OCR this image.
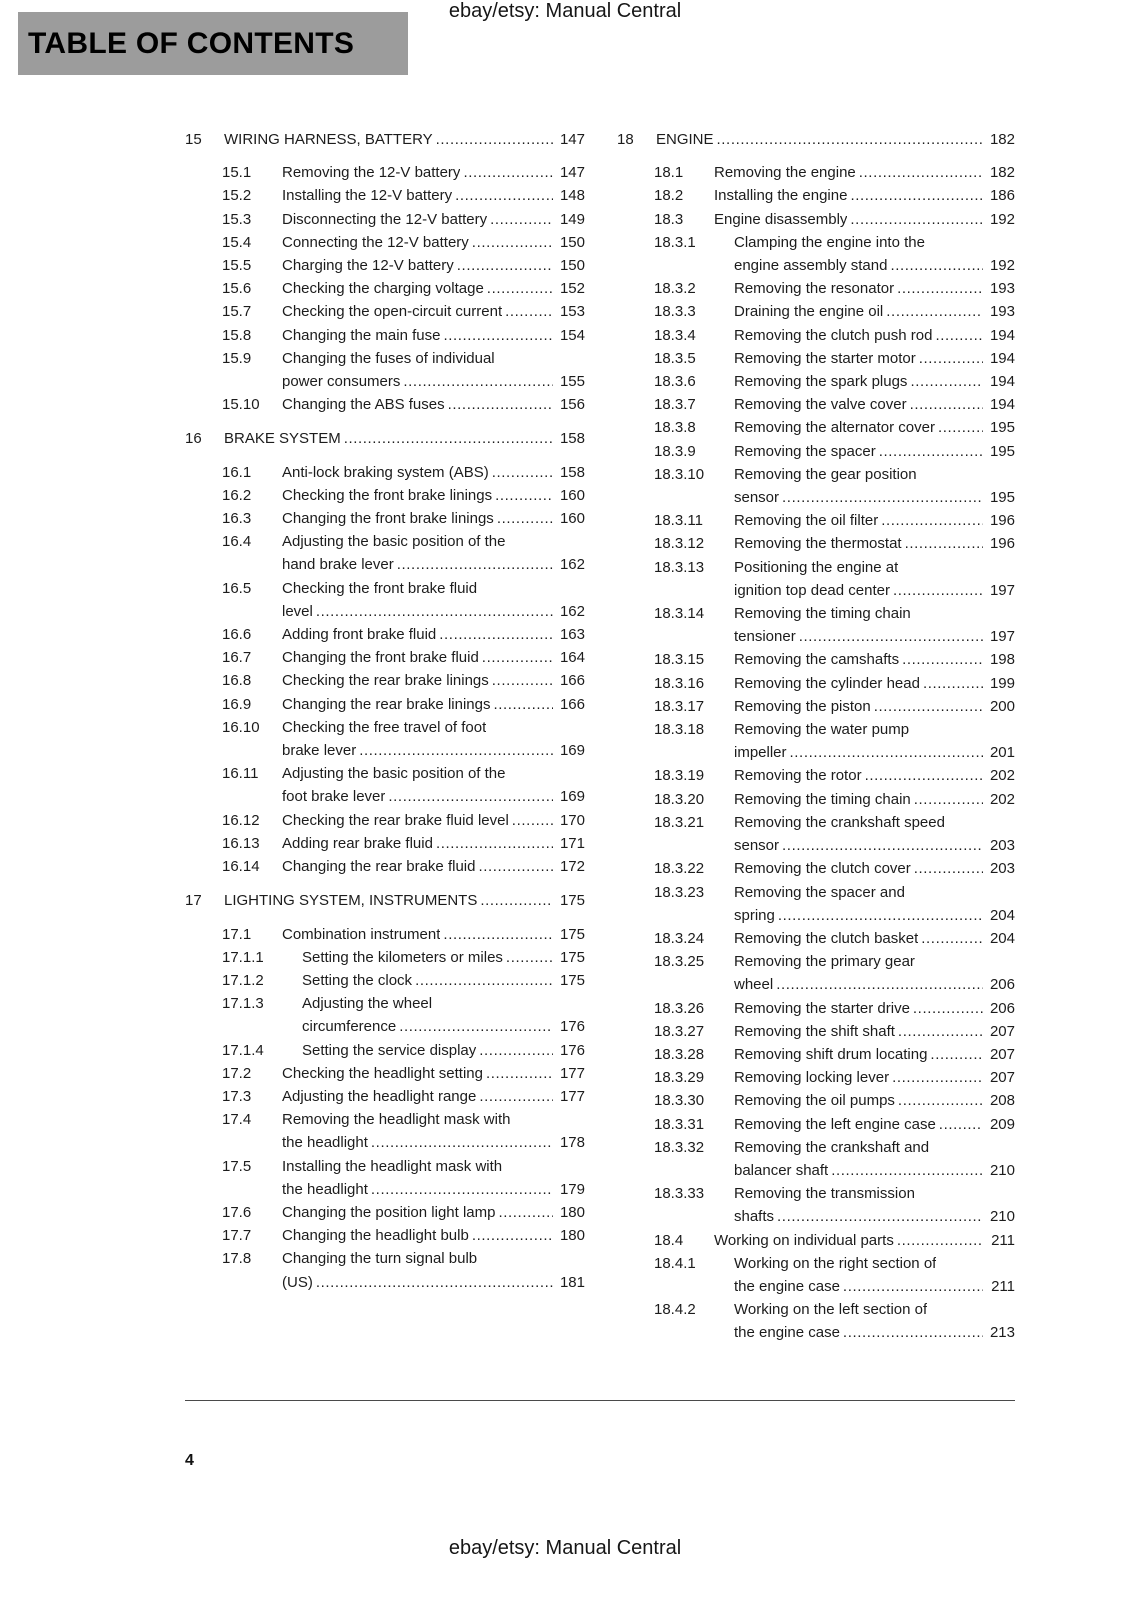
ebay/etsy: Manual Central
TABLE OF CONTENTS
15	WIRING HARNESS, BATTERY .....	147
15.1	Removing the 12-V battery .....	147
15.2	Installing the 12-V battery .....	148
15.3	Disconnecting the 12-V battery .....	149
15.4	Connecting the 12-V battery .....	150
15.5	Charging the 12-V battery .....	150
15.6	Checking the charging voltage .....	152
15.7	Checking the open-circuit current .....	153
15.8	Changing the main fuse .....	154
15.9	Changing the fuses of individual
power consumers .....	155
15.10	Changing the ABS fuses .....	156
16	BRAKE SYSTEM .....	158
16.1	Anti-lock braking system (ABS) .....	158
16.2	Checking the front brake linings .....	160
16.3	Changing the front brake linings .....	160
16.4	Adjusting the basic position of the
hand brake lever .....	162
16.5	Checking the front brake fluid
level .....	162
16.6	Adding front brake fluid .....	163
16.7	Changing the front brake fluid .....	164
16.8	Checking the rear brake linings .....	166
16.9	Changing the rear brake linings .....	166
16.10	Checking the free travel of foot
brake lever .....	169
16.11	Adjusting the basic position of the
foot brake lever .....	169
16.12	Checking the rear brake fluid level .....	170
16.13	Adding rear brake fluid .....	171
16.14	Changing the rear brake fluid .....	172
17	LIGHTING SYSTEM, INSTRUMENTS .....	175
17.1	Combination instrument .....	175
17.1.1	Setting the kilometers or miles .....	175
17.1.2	Setting the clock .....	175
17.1.3	Adjusting the wheel
circumference .....	176
17.1.4	Setting the service display .....	176
17.2	Checking the headlight setting .....	177
17.3	Adjusting the headlight range .....	177
17.4	Removing the headlight mask with
the headlight .....	178
17.5	Installing the headlight mask with
the headlight .....	179
17.6	Changing the position light lamp .....	180
17.7	Changing the headlight bulb .....	180
17.8	Changing the turn signal bulb
(US) .....	181
18	ENGINE .....	182
18.1	Removing the engine .....	182
18.2	Installing the engine .....	186
18.3	Engine disassembly .....	192
18.3.1	Clamping the engine into the
engine assembly stand .....	192
18.3.2	Removing the resonator .....	193
18.3.3	Draining the engine oil .....	193
18.3.4	Removing the clutch push rod .....	194
18.3.5	Removing the starter motor .....	194
18.3.6	Removing the spark plugs .....	194
18.3.7	Removing the valve cover .....	194
18.3.8	Removing the alternator cover .....	195
18.3.9	Removing the spacer .....	195
18.3.10	Removing the gear position
sensor .....	195
18.3.11	Removing the oil filter .....	196
18.3.12	Removing the thermostat .....	196
18.3.13	Positioning the engine at
ignition top dead center .....	197
18.3.14	Removing the timing chain
tensioner .....	197
18.3.15	Removing the camshafts .....	198
18.3.16	Removing the cylinder head .....	199
18.3.17	Removing the piston .....	200
18.3.18	Removing the water pump
impeller .....	201
18.3.19	Removing the rotor .....	202
18.3.20	Removing the timing chain .....	202
18.3.21	Removing the crankshaft speed
sensor .....	203
18.3.22	Removing the clutch cover .....	203
18.3.23	Removing the spacer and
spring .....	204
18.3.24	Removing the clutch basket .....	204
18.3.25	Removing the primary gear
wheel .....	206
18.3.26	Removing the starter drive .....	206
18.3.27	Removing the shift shaft .....	207
18.3.28	Removing shift drum locating .....	207
18.3.29	Removing locking lever .....	207
18.3.30	Removing the oil pumps .....	208
18.3.31	Removing the left engine case .....	209
18.3.32	Removing the crankshaft and
balancer shaft .....	210
18.3.33	Removing the transmission
shafts .....	210
18.4	Working on individual parts .....	211
18.4.1	Working on the right section of
the engine case .....	211
18.4.2	Working on the left section of
the engine case .....	213
4
ebay/etsy: Manual Central
